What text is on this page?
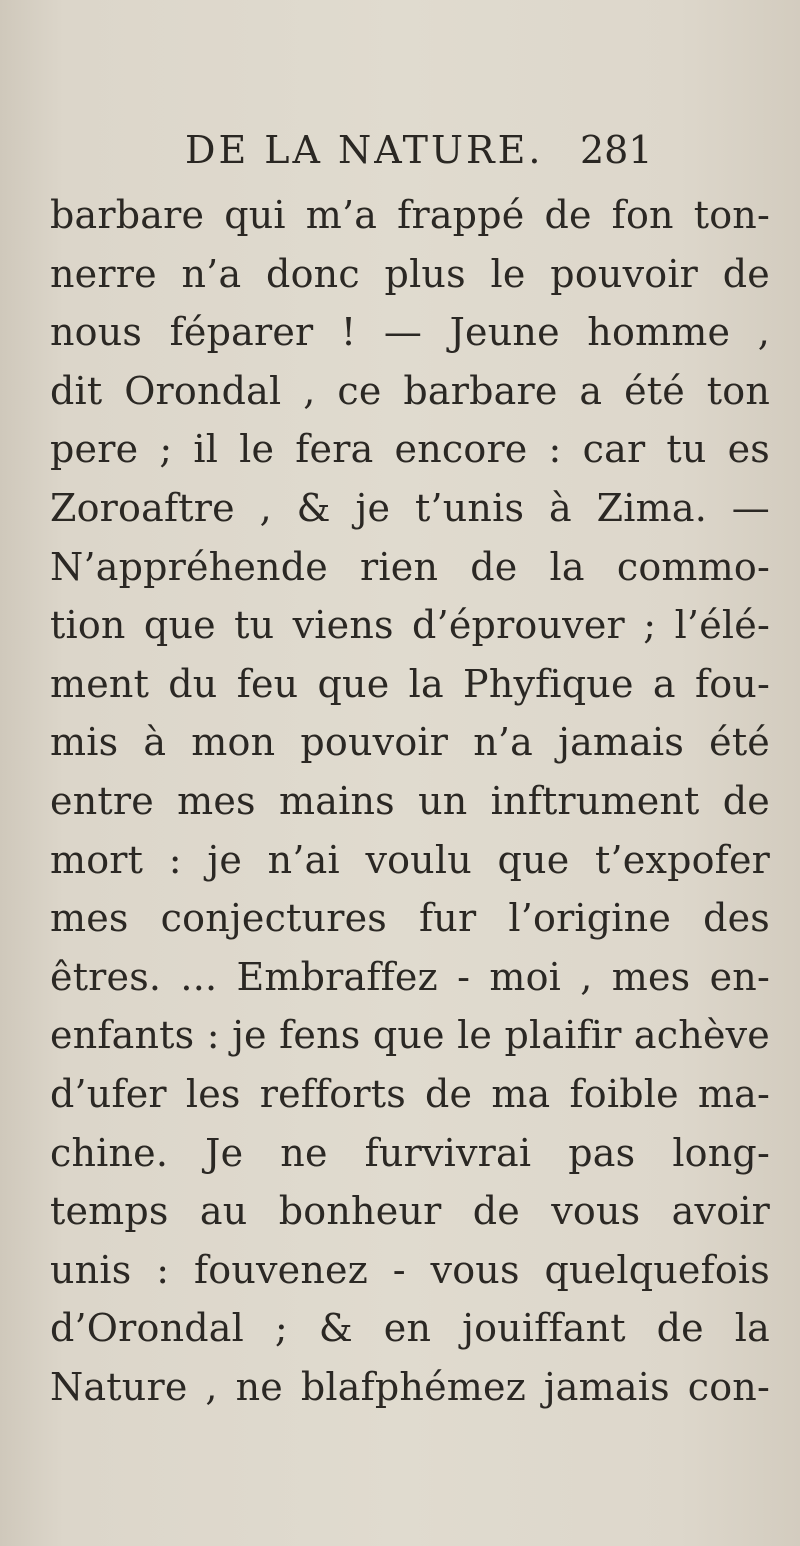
DE LA NATURE. 281
barbare qui m’a frappé de fon ton-
nerre n’a donc plus le pouvoir de
nous féparer ! — Jeune homme ,
dit Orondal , ce barbare a été ton
pere ; il le fera encore : car tu es
Zoroaftre , & je t’unis à Zima. —
N’appréhende rien de la commo-
tion que tu viens d’éprouver ; l’élé-
ment du feu que la Phyfique a fou-
mis à mon pouvoir n’a jamais été
entre mes mains un inftrument de
mort : je n’ai voulu que t’expofer
mes conjectures fur l’origine des
êtres. ... Embraffez - moi , mes en-
enfants : je fens que le plaifir achève
d’ufer les refforts de ma foible ma-
chine. Je ne furvivrai pas long-
temps au bonheur de vous avoir
unis : fouvenez - vous quelquefois
d’Orondal ; & en jouiffant de la
Nature , ne blafphémez jamais con-
